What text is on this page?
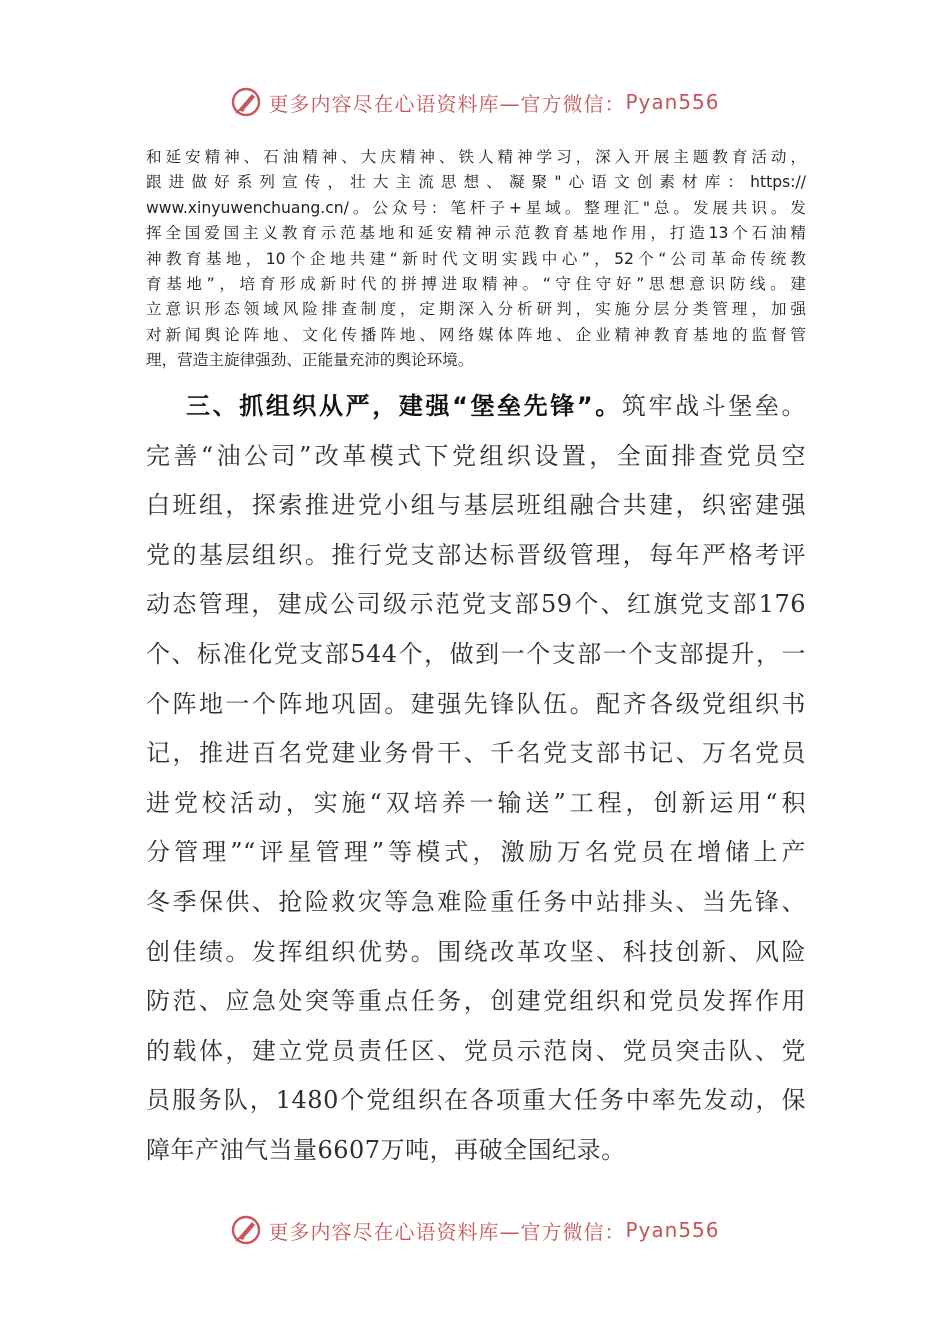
更多内容尽在心语资料库—官方微信： Pyan556
和延安精神、石油精神、大庆精神、铁人精神学习，深入开展主题教育活动，
跟进做好系列宣传，壮大主流思想、凝聚"心语文创素材库：https://
www.xinyuwenchuang.cn/。公众号：笔杆子+星域。整理汇"总。发展共识。发
挥全国爱国主义教育示范基地和延安精神示范教育基地作用，打造13个石油精
神教育基地，10个企地共建“新时代文明实践中心”，52个“公司革命传统教
育基地”，培育形成新时代的拼搏进取精神。“守住守好”思想意识防线。建
立意识形态领域风险排查制度，定期深入分析研判，实施分层分类管理，加强
对新闻舆论阵地、文化传播阵地、网络媒体阵地、企业精神教育基地的监督管
理，营造主旋律强劲、正能量充沛的舆论环境。
三、抓组织从严，建强“堡垒先锋”。筑牢战斗堡垒。
完善“油公司”改革模式下党组织设置，全面排查党员空
白班组，探索推进党小组与基层班组融合共建，织密建强
党的基层组织。推行党支部达标晋级管理，每年严格考评
动态管理，建成公司级示范党支部59个、红旗党支部176
个、标准化党支部544个，做到一个支部一个支部提升，一
个阵地一个阵地巩固。建强先锋队伍。配齐各级党组织书
记，推进百名党建业务骨干、千名党支部书记、万名党员
进党校活动，实施“双培养一输送”工程，创新运用“积
分管理”“评星管理”等模式，激励万名党员在增储上产
冬季保供、抢险救灾等急难险重任务中站排头、当先锋、
创佳绩。发挥组织优势。围绕改革攻坚、科技创新、风险
防范、应急处突等重点任务，创建党组织和党员发挥作用
的载体，建立党员责任区、党员示范岗、党员突击队、党
员服务队，1480个党组织在各项重大任务中率先发动，保
障年产油气当量6607万吨，再破全国纪录。
更多内容尽在心语资料库—官方微信： Pyan556
